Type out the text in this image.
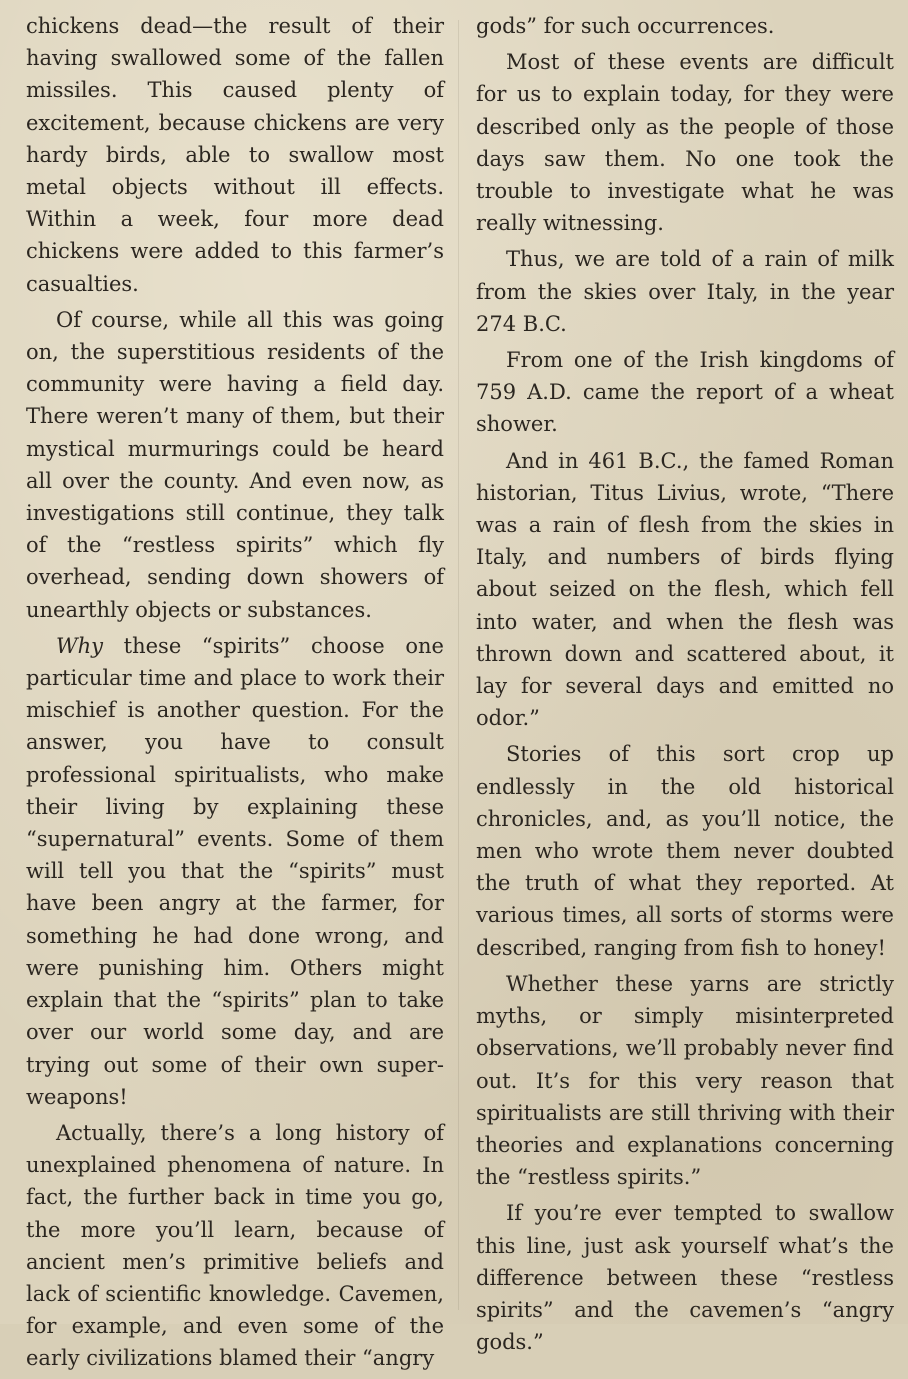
chickens dead—the result of their having swallowed some of the fallen missiles. This caused plenty of excitement, because chickens are very hardy birds, able to swallow most metal objects without ill effects. Within a week, four more dead chickens were added to this farmer’s casualties.

Of course, while all this was going on, the superstitious residents of the community were having a field day. There weren’t many of them, but their mystical murmurings could be heard all over the county. And even now, as investigations still continue, they talk of the “restless spirits” which fly overhead, sending down showers of unearthly objects or substances.

Why these “spirits” choose one particular time and place to work their mischief is another question. For the answer, you have to consult professional spiritualists, who make their living by explaining these “supernatural” events. Some of them will tell you that the “spirits” must have been angry at the farmer, for something he had done wrong, and were punishing him. Others might explain that the “spirits” plan to take over our world some day, and are trying out some of their own super-weapons!

Actually, there’s a long history of unexplained phenomena of nature. In fact, the further back in time you go, the more you’ll learn, because of ancient men’s primitive beliefs and lack of scientific knowledge. Cavemen, for example, and even some of the early civilizations blamed their “angry

gods” for such occurrences.

Most of these events are difficult for us to explain today, for they were described only as the people of those days saw them. No one took the trouble to investigate what he was really witnessing.

Thus, we are told of a rain of milk from the skies over Italy, in the year 274 B.C.

From one of the Irish kingdoms of 759 A.D. came the report of a wheat shower.

And in 461 B.C., the famed Roman historian, Titus Livius, wrote, “There was a rain of flesh from the skies in Italy, and numbers of birds flying about seized on the flesh, which fell into water, and when the flesh was thrown down and scattered about, it lay for several days and emitted no odor.”

Stories of this sort crop up endlessly in the old historical chronicles, and, as you’ll notice, the men who wrote them never doubted the truth of what they reported. At various times, all sorts of storms were described, ranging from fish to honey!

Whether these yarns are strictly myths, or simply misinterpreted observations, we’ll probably never find out. It’s for this very reason that spiritualists are still thriving with their theories and explanations concerning the “restless spirits.”

If you’re ever tempted to swallow this line, just ask yourself what’s the difference between these “restless spirits” and the cavemen’s “angry gods.”
